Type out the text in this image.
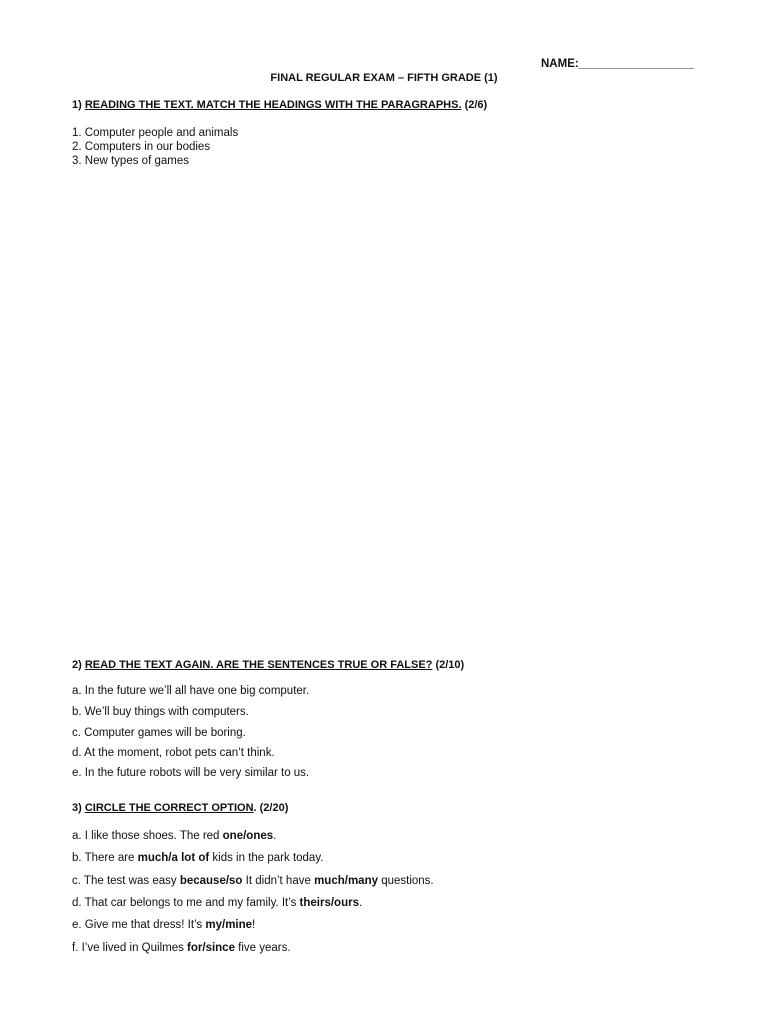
NAME:__________________
FINAL REGULAR EXAM – FIFTH GRADE (1)
1) READING THE TEXT. MATCH THE HEADINGS WITH THE PARAGRAPHS. (2/6)
1. Computer people and animals
2. Computers in our bodies
3. New types of games
2) READ THE TEXT AGAIN. ARE THE SENTENCES TRUE OR FALSE? (2/10)
a. In the future we’ll all have one big computer.
b. We’ll buy things with computers.
c. Computer games will be boring.
d. At the moment, robot pets can’t think.
e. In the future robots will be very similar to us.
3) CIRCLE THE CORRECT OPTION. (2/20)
a. I like those shoes. The red one/ones.
b. There are much/a lot of kids in the park today.
c. The test was easy because/so It didn’t have much/many questions.
d. That car belongs to me and my family. It’s theirs/ours.
e. Give me that dress! It’s my/mine!
f. I’ve lived in Quilmes for/since five years.
